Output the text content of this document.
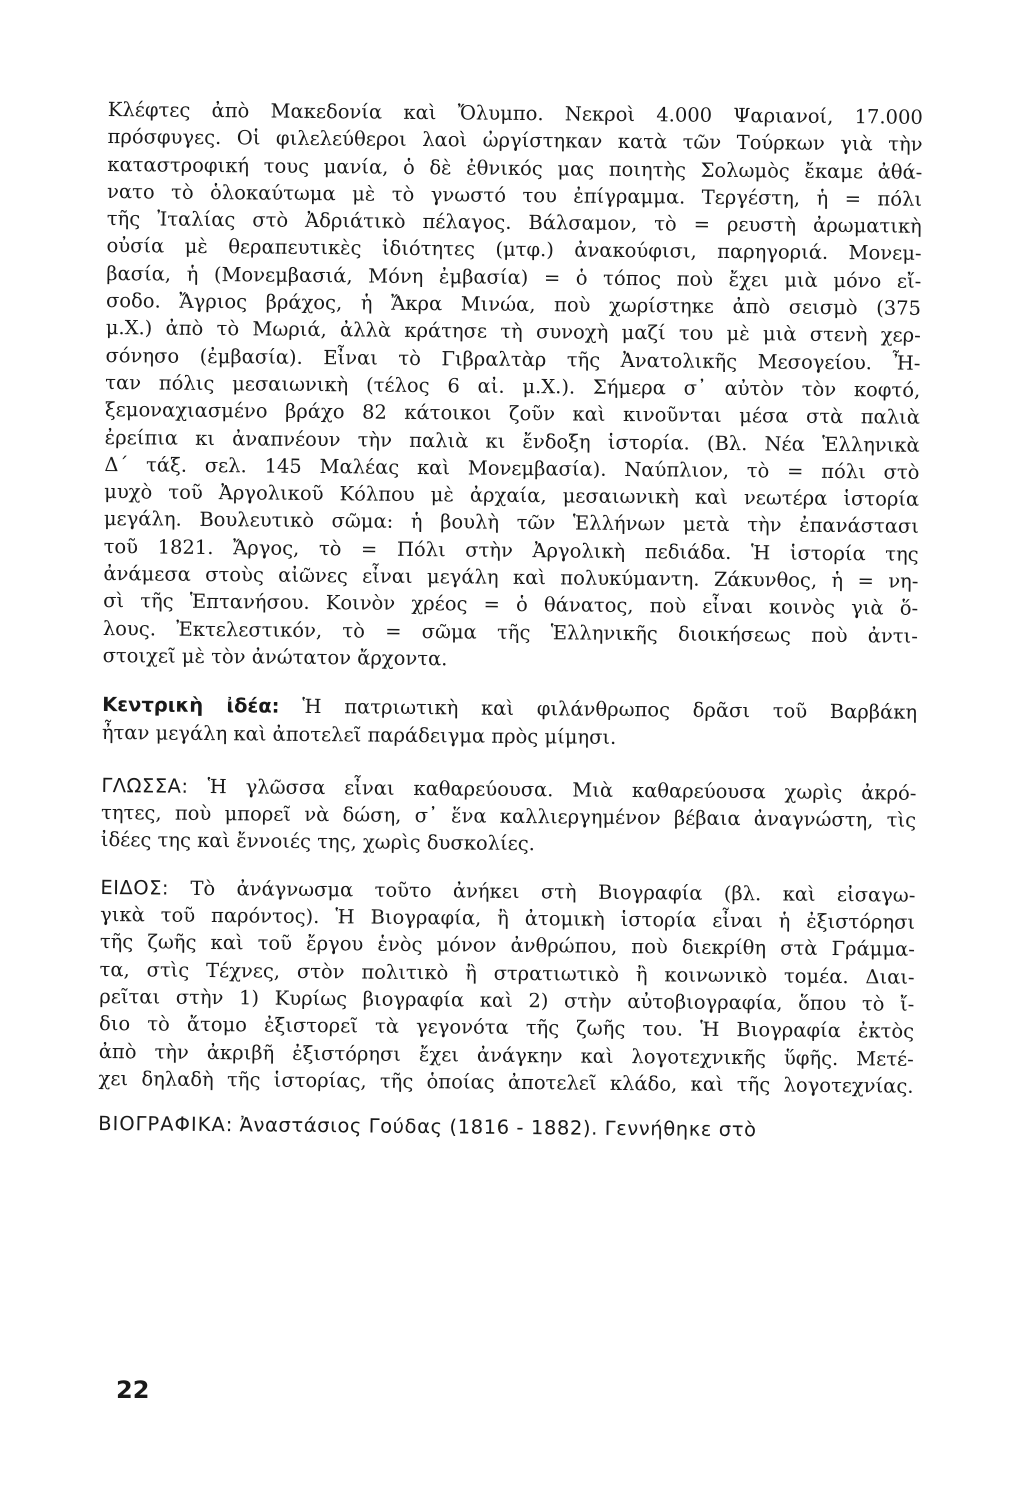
Κλέφτες ἀπὸ Μακεδονία καὶ Ὄλυμπο. Νεκροὶ 4.000 Ψαριανοί, 17.000
πρόσφυγες. Οἱ φιλελεύθεροι λαοὶ ὠργίστηκαν κατὰ τῶν Τούρκων γιὰ τὴν
καταστροφική τους μανία, ὁ δὲ ἐθνικός μας ποιητὴς Σολωμὸς ἔκαμε ἀθά-
νατο τὸ ὁλοκαύτωμα μὲ τὸ γνωστό του ἐπίγραμμα. Τεργέστη, ἡ = πόλι
τῆς Ἰταλίας στὸ Ἀδριάτικὸ πέλαγος. Βάλσαμον, τὸ = ρευστὴ ἀρωματικὴ
οὐσία μὲ θεραπευτικὲς ἰδιότητες (μτφ.) ἀνακούφισι, παρηγοριά. Μονεμ-
βασία, ἡ (Μονεμβασιά, Μόνη ἐμβασία) = ὁ τόπος ποὺ ἔχει μιὰ μόνο εἴ-
σοδο. Ἄγριος βράχος, ἡ Ἄκρα Μινώα, ποὺ χωρίστηκε ἀπὸ σεισμὸ (375
μ.Χ.) ἀπὸ τὸ Μωριά, ἀλλὰ κράτησε τὴ συνοχὴ μαζί του μὲ μιὰ στενὴ χερ-
σόνησο (ἐμβασία). Εἶναι τὸ Γιβραλτὰρ τῆς Ἀνατολικῆς Μεσογείου. Ἦ-
ταν πόλις μεσαιωνικὴ (τέλος 6 αἰ. μ.Χ.). Σήμερα σ᾽ αὐτὸν τὸν κοφτό,
ξεμοναχιασμένο βράχο 82 κάτοικοι ζοῦν καὶ κινοῦνται μέσα στὰ παλιὰ
ἐρείπια κι ἀναπνέουν τὴν παλιὰ κι ἔνδοξη ἱστορία. (Βλ. Νέα Ἑλληνικὰ
Δ΄ τάξ. σελ. 145 Μαλέας καὶ Μονεμβασία). Ναύπλιον, τὸ = πόλι στὸ
μυχὸ τοῦ Ἀργολικοῦ Κόλπου μὲ ἀρχαία, μεσαιωνικὴ καὶ νεωτέρα ἱστορία
μεγάλη. Βουλευτικὸ σῶμα: ἡ βουλὴ τῶν Ἑλλήνων μετὰ τὴν ἐπανάστασι
τοῦ 1821. Ἄργος, τὸ = Πόλι στὴν Ἀργολικὴ πεδιάδα. Ἡ ἱστορία της
ἀνάμεσα στοὺς αἰῶνες εἶναι μεγάλη καὶ πολυκύμαντη. Ζάκυνθος, ἡ = νη-
σὶ τῆς Ἑπτανήσου. Κοινὸν χρέος = ὁ θάνατος, ποὺ εἶναι κοινὸς γιὰ ὅ-
λους. Ἐκτελεστικόν, τὸ = σῶμα τῆς Ἑλληνικῆς διοικήσεως ποὺ ἀντι-
στοιχεῖ μὲ τὸν ἀνώτατον ἄρχοντα.
Κεντρικὴ ἰδέα: Ἡ πατριωτικὴ καὶ φιλάνθρωπος δρᾶσι τοῦ Βαρβάκη
ἦταν μεγάλη καὶ ἀποτελεῖ παράδειγμα πρὸς μίμησι.
ΓΛΩΣΣΑ: Ἡ γλῶσσα εἶναι καθαρεύουσα. Μιὰ καθαρεύουσα χωρὶς ἀκρό-
τητες, ποὺ μπορεῖ νὰ δώση, σ᾽ ἕνα καλλιεργημένον βέβαια ἀναγνώστη, τὶς
ἰδέες της καὶ ἔννοιές της, χωρὶς δυσκολίες.
ΕΙΔΟΣ: Τὸ ἀνάγνωσμα τοῦτο ἀνήκει στὴ Βιογραφία (βλ. καὶ εἰσαγω-
γικὰ τοῦ παρόντος). Ἡ Βιογραφία, ἢ ἀτομικὴ ἱστορία εἶναι ἡ ἐξιστόρησι
τῆς ζωῆς καὶ τοῦ ἔργου ἑνὸς μόνον ἀνθρώπου, ποὺ διεκρίθη στὰ Γράμμα-
τα, στὶς Τέχνες, στὸν πολιτικὸ ἢ στρατιωτικὸ ἢ κοινωνικὸ τομέα. Διαι-
ρεῖται στὴν 1) Κυρίως βιογραφία καὶ 2) στὴν αὐτοβιογραφία, ὅπου τὸ ἴ-
διο τὸ ἄτομο ἐξιστορεῖ τὰ γεγονότα τῆς ζωῆς του. Ἡ Βιογραφία ἐκτὸς
ἀπὸ τὴν ἀκριβῆ ἐξιστόρησι ἔχει ἀνάγκην καὶ λογοτεχνικῆς ὕφῆς. Μετέ-
χει δηλαδὴ τῆς ἱστορίας, τῆς ὁποίας ἀποτελεῖ κλάδο, καὶ τῆς λογοτεχνίας.
ΒΙΟΓΡΑΦΙΚΑ: Ἀναστάσιος Γούδας (1816 - 1882). Γεννήθηκε στὸ
22
